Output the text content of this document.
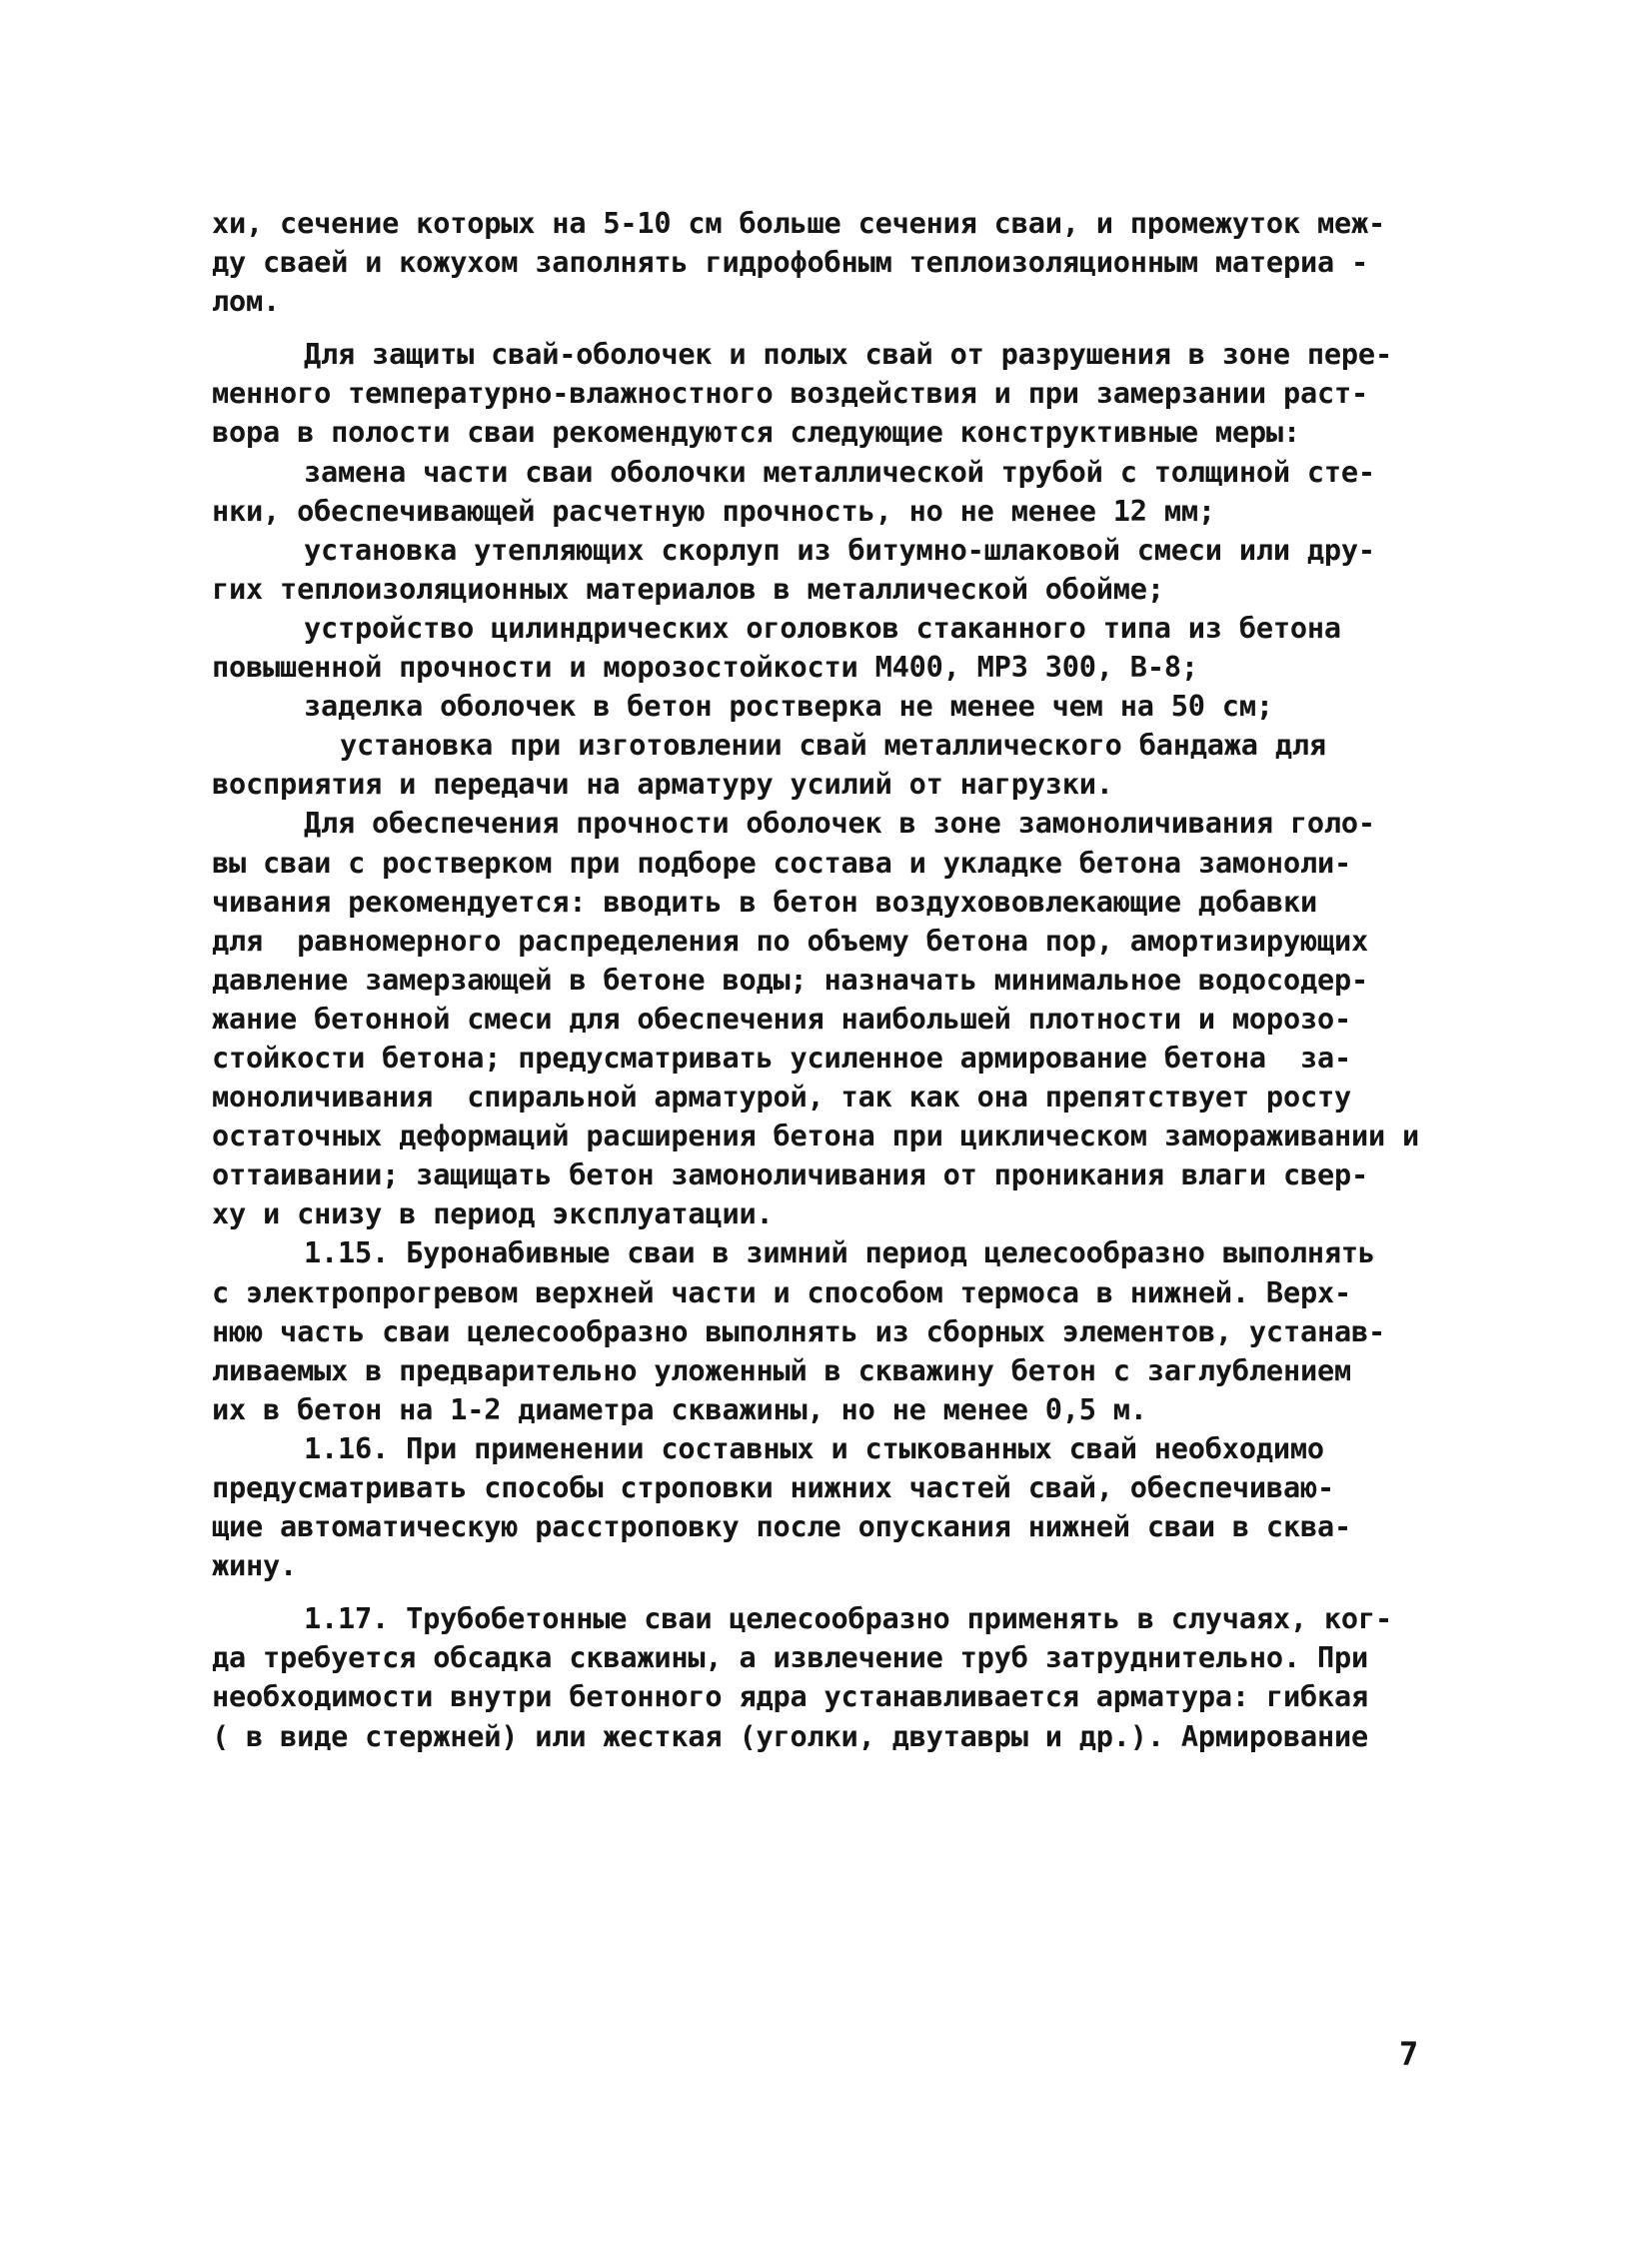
хи, сечение которых на 5-10 см больше сечения сваи, и промежуток меж-
ду сваей и кожухом заполнять гидрофобным теплоизоляционным материа -
лом.
Для защиты свай-оболочек и полых свай от разрушения в зоне пере-
менного температурно-влажностного воздействия и при замерзании раст-
вора в полости сваи рекомендуются следующие конструктивные меры:
замена части сваи оболочки металлической трубой с толщиной сте-
нки, обеспечивающей расчетную прочность, но не менее 12 мм;
установка утепляющих скорлуп из битумно-шлаковой смеси или дру-
гих теплоизоляционных материалов в металлической обойме;
устройство цилиндрических оголовков стаканного типа из бетона
повышенной прочности и морозостойкости М400, МРЗ 300, В-8;
заделка оболочек в бетон ростверка не менее чем на 50 см;
установка при изготовлении свай металлического бандажа для
восприятия и передачи на арматуру усилий от нагрузки.
Для обеспечения прочности оболочек в зоне замоноличивания голо-
вы сваи с ростверком при подборе состава и укладке бетона замоноли-
чивания рекомендуется: вводить в бетон воздухововлекающие добавки
для  равномерного распределения по объему бетона пор, амортизирующих
давление замерзающей в бетоне воды; назначать минимальное водосодер-
жание бетонной смеси для обеспечения наибольшей плотности и морозо-
стойкости бетона; предусматривать усиленное армирование бетона  за-
моноличивания  спиральной арматурой, так как она препятствует росту
остаточных деформаций расширения бетона при циклическом замораживании и
оттаивании; защищать бетон замоноличивания от проникания влаги свер-
ху и снизу в период эксплуатации.
1.15. Буронабивные сваи в зимний период целесообразно выполнять
с электропрогревом верхней части и способом термоса в нижней. Верх-
нюю часть сваи целесообразно выполнять из сборных элементов, устанав-
ливаемых в предварительно уложенный в скважину бетон с заглублением
их в бетон на 1-2 диаметра скважины, но не менее 0,5 м.
1.16. При применении составных и стыкованных свай необходимо
предусматривать способы строповки нижних частей свай, обеспечиваю-
щие автоматическую расстроповку после опускания нижней сваи в сква-
жину.
1.17. Трубобетонные сваи целесообразно применять в случаях, ког-
да требуется обсадка скважины, а извлечение труб затруднительно. При
необходимости внутри бетонного ядра устанавливается арматура: гибкая
( в виде стержней) или жесткая (уголки, двутавры и др.). Армирование
7
